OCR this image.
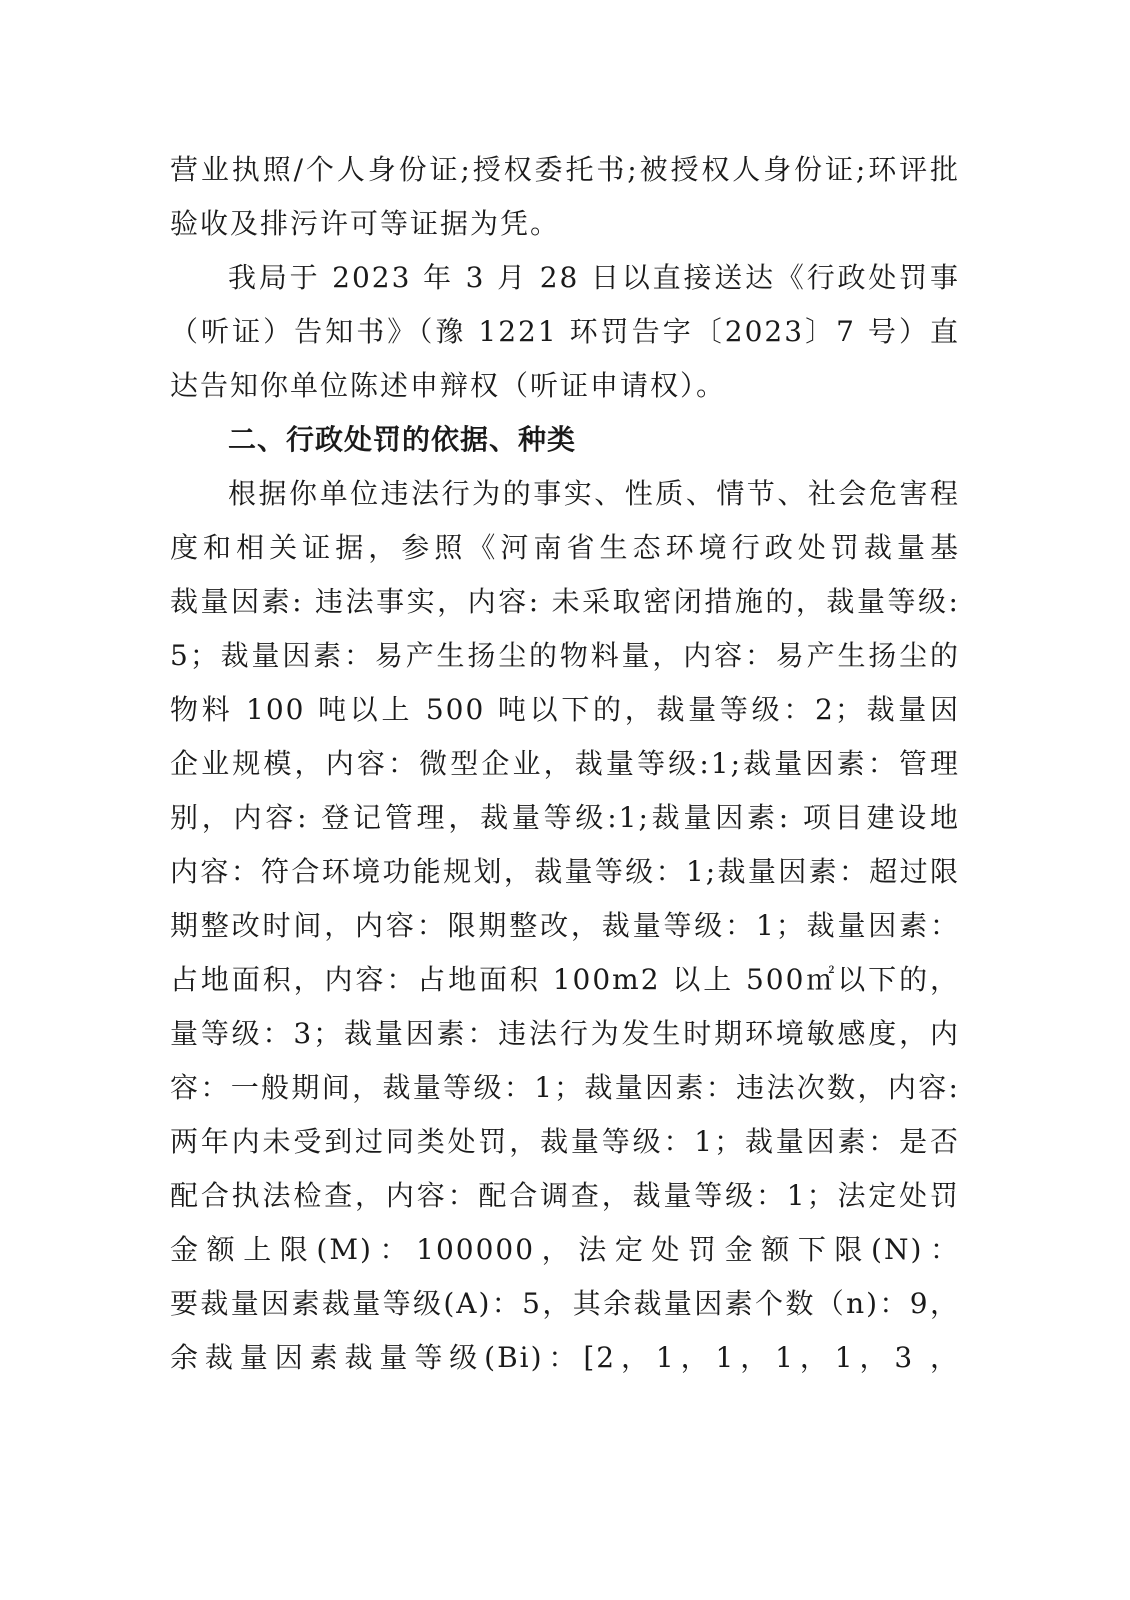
营业执照/个人身份证;授权委托书;被授权人身份证;环评批
验收及排污许可等证据为凭。
我局于 2023 年 3 月 28 日以直接送达《行政处罚事
（听证）告知书》（豫 1221 环罚告字〔2023〕7 号）直
达告知你单位陈述申辩权（听证申请权）。
二、行政处罚的依据、种类
根据你单位违法行为的事实、性质、情节、社会危害程
度和相关证据，参照《河南省生态环境行政处罚裁量基
裁量因素: 违法事实，内容: 未采取密闭措施的，裁量等级:
5；裁量因素：易产生扬尘的物料量，内容：易产生扬尘的
物料 100 吨以上 500 吨以下的，裁量等级：2；裁量因
企业规模，内容：微型企业，裁量等级:1;裁量因素：管理
别，内容: 登记管理，裁量等级:1;裁量因素: 项目建设地
内容：符合环境功能规划，裁量等级：1;裁量因素：超过限
期整改时间，内容：限期整改，裁量等级：1；裁量因素：
占地面积，内容：占地面积 100m2 以上 500㎡以下的，
量等级：3；裁量因素：违法行为发生时期环境敏感度，内
容：一般期间，裁量等级：1；裁量因素：违法次数，内容:
两年内未受到过同类处罚，裁量等级：1；裁量因素：是否
配合执法检查，内容：配合调查，裁量等级：1；法定处罚
金额上限(M)：100000，法定处罚金额下限(N)：
要裁量因素裁量等级(A)：5，其余裁量因素个数（n)：9，
余裁量因素裁量等级(Bi)：[2，1，1，1，1，3 ，
